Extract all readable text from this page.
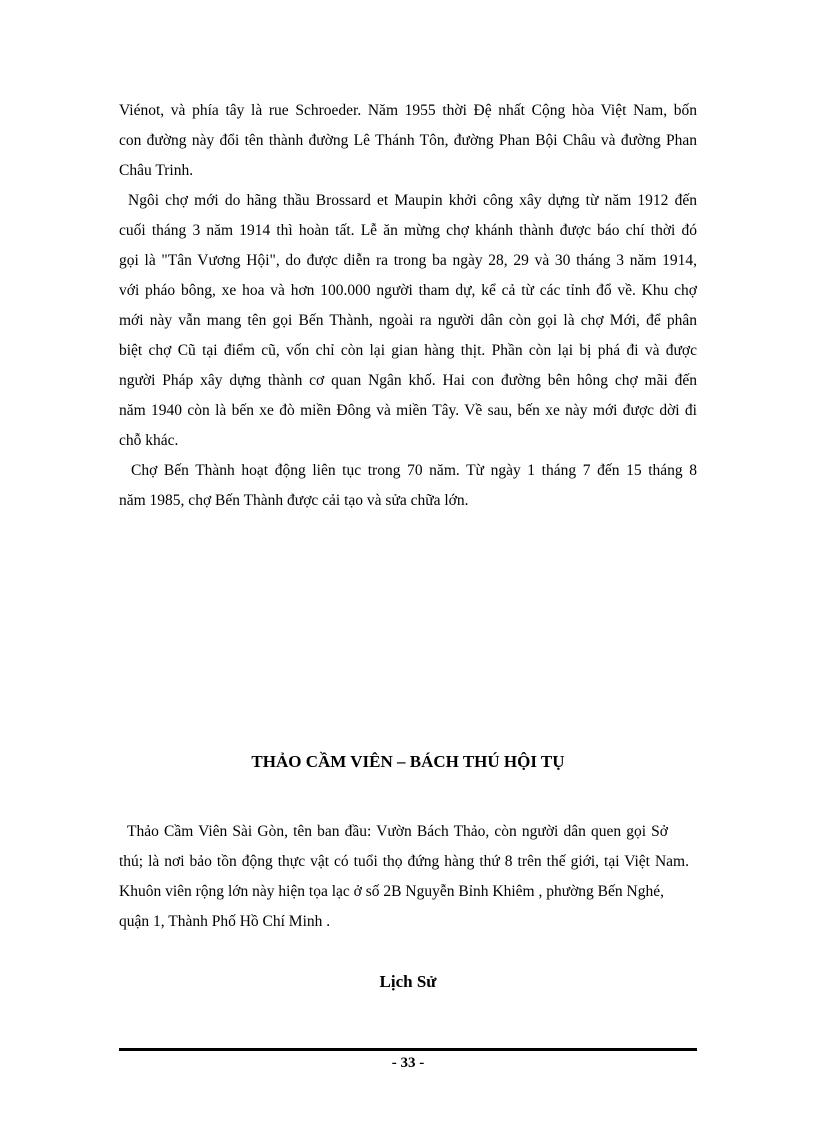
Viénot, và phía tây là rue Schroeder. Năm 1955 thời Đệ nhất Cộng hòa Việt Nam, bốn
con đường này đổi tên thành đường Lê Thánh Tôn, đường Phan Bội Châu và đường Phan
Châu Trinh.
Ngôi chợ mới do hãng thầu Brossard et Maupin khởi công xây dựng từ năm 1912 đến
cuối tháng 3 năm 1914 thì hoàn tất. Lễ ăn mừng chợ khánh thành được báo chí thời đó
gọi là "Tân Vương Hội", do được diễn ra trong ba ngày 28, 29 và 30 tháng 3 năm 1914,
với pháo bông, xe hoa và hơn 100.000 người tham dự, kể cả từ các tỉnh đổ về. Khu chợ
mới này vẫn mang tên gọi Bến Thành, ngoài ra người dân còn gọi là chợ Mới, để phân
biệt chợ Cũ tại điểm cũ, vốn chỉ còn lại gian hàng thịt. Phần còn lại bị phá đi và được
người Pháp xây dựng thành cơ quan Ngân khố. Hai con đường bên hông chợ mãi đến
năm 1940 còn là bến xe đò miền Đông và miền Tây. Về sau, bến xe này mới được dời đi
chỗ khác.
Chợ Bến Thành hoạt động liên tục trong 70 năm. Từ ngày 1 tháng 7 đến 15 tháng 8
năm 1985, chợ Bến Thành được cải tạo và sửa chữa lớn.
THẢO CẦM VIÊN – BÁCH THÚ HỘI TỤ
Thảo Cầm Viên Sài Gòn, tên ban đầu: Vườn Bách Thảo, còn người dân quen gọi Sở
thú; là nơi bảo tồn động thực vật có tuổi thọ đứng hàng thứ 8 trên thế giới, tại Việt Nam.
Khuôn viên rộng lớn này hiện tọa lạc ở số 2B Nguyễn Bỉnh Khiêm , phường Bến Nghé,
quận 1, Thành Phố Hồ Chí Minh .
Lịch Sử
- 33 -
